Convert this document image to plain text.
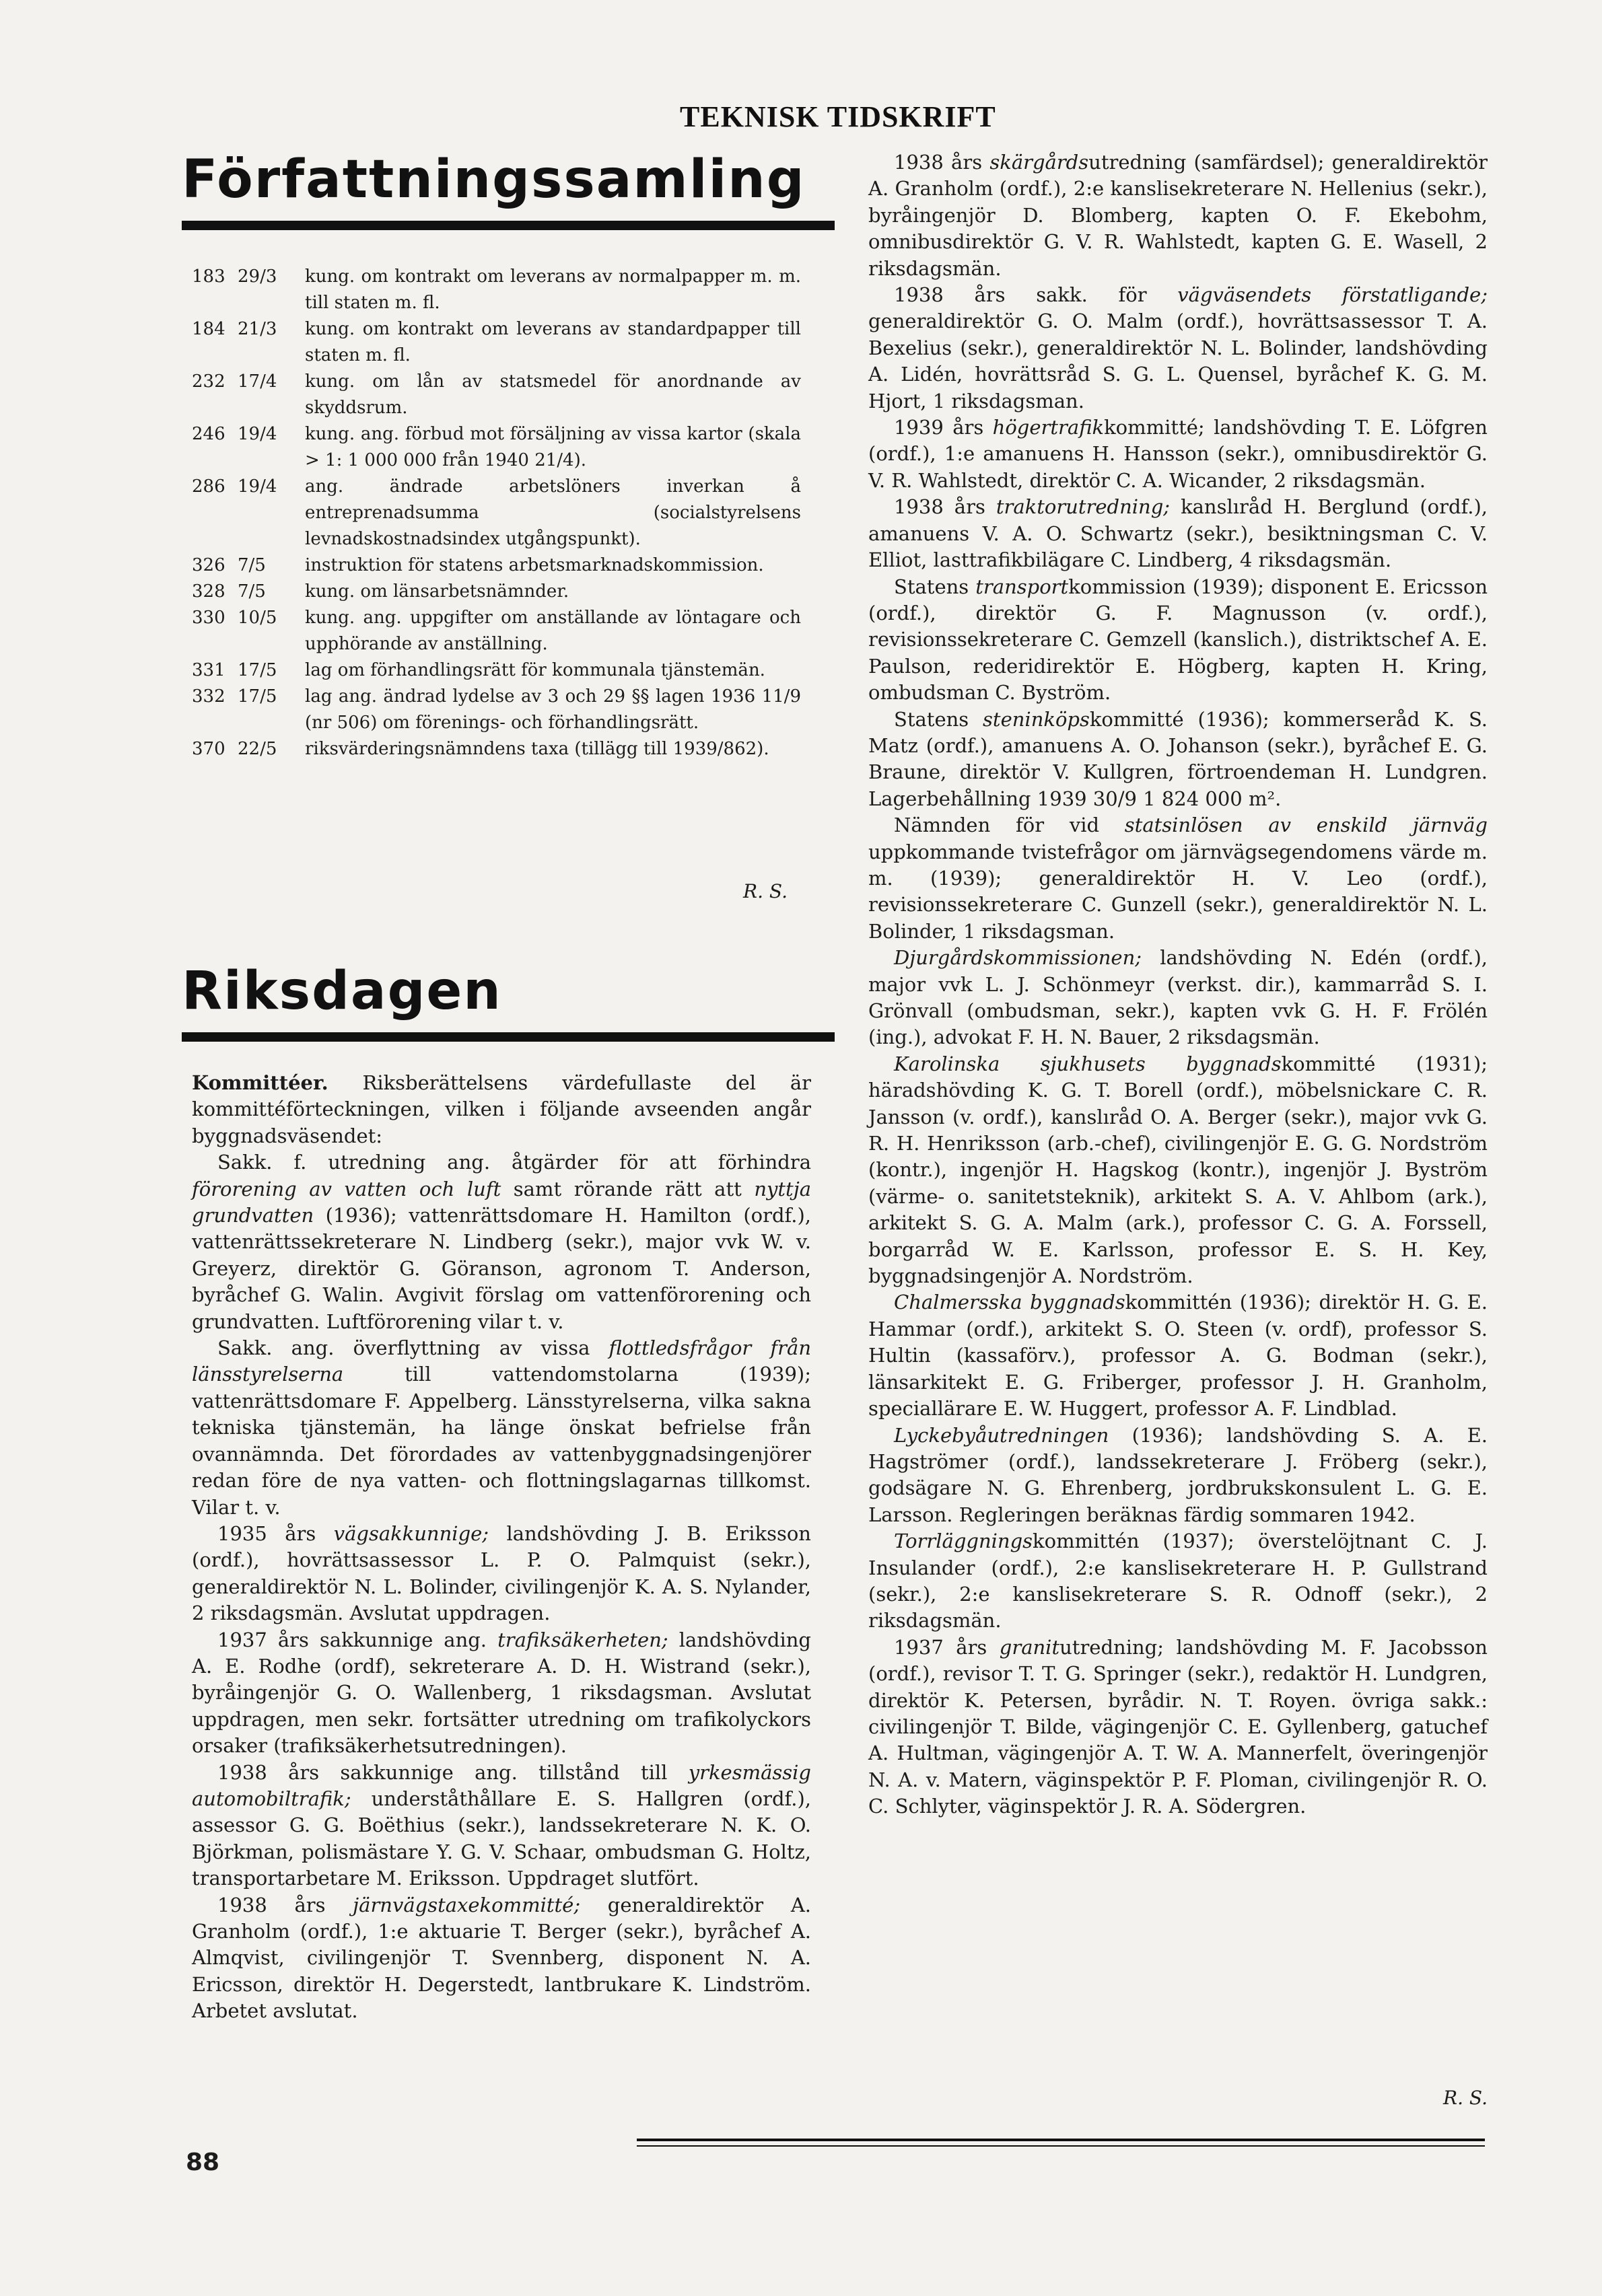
TEKNISK TIDSKRIFT
Författningssamling
183 29/3	kung. om kontrakt om leverans av normalpapper m. m. till staten m. fl.
184 21/3	kung. om kontrakt om leverans av standardpapper till staten m. fl.
232 17/4	kung. om lån av statsmedel för anordnande av skyddsrum.
246 19/4	kung. ang. förbud mot försäljning av vissa kartor (skala > 1: 1 000 000 från 1940 21/4).
286 19/4	ang. ändrade arbetslöners inverkan å entreprenadsumma (socialstyrelsens levnadskostnadsindex utgångspunkt).
326 7/5	instruktion för statens arbetsmarknadskommission.
328 7/5	kung. om länsarbetsnämnder.
330 10/5	kung. ang. uppgifter om anställande av löntagare och upphörande av anställning.
331 17/5	lag om förhandlingsrätt för kommunala tjänstemän.
332 17/5	lag ang. ändrad lydelse av 3 och 29 §§ lagen 1936 11/9 (nr 506) om förenings- och förhandlingsrätt.
370 22/5	riksvärderingsnämndens taxa (tillägg till 1939/862).
R. S.
Riksdagen

Kommittéer. Riksberättelsens värdefullaste del är kommittéförteckningen, vilken i följande avseenden angår byggnadsväsendet:

Sakk. f. utredning ang. åtgärder för att förhindra förorening av vatten och luft samt rörande rätt att nyttja grundvatten (1936); vattenrättsdomare H. Hamilton (ordf.), vattenrättssekreterare N. Lindberg (sekr.), major vvk W. v. Greyerz, direktör G. Göranson, agronom T. Anderson, byråchef G. Walin. Avgivit förslag om vattenförorening och grundvatten. Luftförorening vilar t. v.

Sakk. ang. överflyttning av vissa flottledsfrågor från länsstyrelserna till vattendomstolarna (1939); vattenrättsdomare F. Appelberg. Länsstyrelserna, vilka sakna tekniska tjänstemän, ha länge önskat befrielse från ovannämnda. Det förordades av vattenbyggnadsingenjörer redan före de nya vatten- och flottningslagarnas tillkomst. Vilar t. v.

1935 års vägsakkunnige; landshövding J. B. Eriksson (ordf.), hovrättsassessor L. P. O. Palmquist (sekr.), generaldirektör N. L. Bolinder, civilingenjör K. A. S. Nylander, 2 riksdagsmän. Avslutat uppdragen.

1937 års sakkunnige ang. trafiksäkerheten; landshövding A. E. Rodhe (ordf), sekreterare A. D. H. Wistrand (sekr.), byråingenjör G. O. Wallenberg, 1 riksdagsman. Avslutat uppdragen, men sekr. fortsätter utredning om trafikolyckors orsaker (trafiksäkerhetsutredningen).

1938 års sakkunnige ang. tillstånd till yrkesmässig automobiltrafik; underståthållare E. S. Hallgren (ordf.), assessor G. G. Boëthius (sekr.), landssekreterare N. K. O. Björkman, polismästare Y. G. V. Schaar, ombudsman G. Holtz, transportarbetare M. Eriksson. Uppdraget slutfört.

1938 års järnvägstaxekommitté; generaldirektör A. Granholm (ordf.), 1:e aktuarie T. Berger (sekr.), byråchef A. Almqvist, civilingenjör T. Svennberg, disponent N. A. Ericsson, direktör H. Degerstedt, lantbrukare K. Lindström. Arbetet avslutat.

1938 års skärgårdsutredning (samfärdsel); generaldirektör A. Granholm (ordf.), 2:e kanslisekreterare N. Hellenius (sekr.), byråingenjör D. Blomberg, kapten O. F. Ekebohm, omnibusdirektör G. V. R. Wahlstedt, kapten G. E. Wasell, 2 riksdagsmän.

1938 års sakk. för vägväsendets förstatligande; generaldirektör G. O. Malm (ordf.), hovrättsassessor T. A. Bexelius (sekr.), generaldirektör N. L. Bolinder, landshövding A. Lidén, hovrättsråd S. G. L. Quensel, byråchef K. G. M. Hjort, 1 riksdagsman.

1939 års högertrafikkommitté; landshövding T. E. Löfgren (ordf.), 1:e amanuens H. Hansson (sekr.), omnibusdirektör G. V. R. Wahlstedt, direktör C. A. Wicander, 2 riksdagsmän.

1938 års traktorutredning; kanslıråd H. Berglund (ordf.), amanuens V. A. O. Schwartz (sekr.), besiktningsman C. V. Elliot, lasttrafikbilägare C. Lindberg, 4 riksdagsmän.

Statens transportkommission (1939); disponent E. Ericsson (ordf.), direktör G. F. Magnusson (v. ordf.), revisionssekreterare C. Gemzell (kanslich.), distriktschef A. E. Paulson, rederidirektör E. Högberg, kapten H. Kring, ombudsman C. Byström.

Statens steninköpskommitté (1936); kommerseråd K. S. Matz (ordf.), amanuens A. O. Johanson (sekr.), byråchef E. G. Braune, direktör V. Kullgren, förtroendeman H. Lundgren. Lagerbehållning 1939 30/9 1 824 000 m².

Nämnden för vid statsinlösen av enskild järnväg uppkommande tvistefrågor om järnvägsegendomens värde m. m. (1939); generaldirektör H. V. Leo (ordf.), revisionssekreterare C. Gunzell (sekr.), generaldirektör N. L. Bolinder, 1 riksdagsman.

Djurgårdskommissionen; landshövding N. Edén (ordf.), major vvk L. J. Schönmeyr (verkst. dir.), kammarråd S. I. Grönvall (ombudsman, sekr.), kapten vvk G. H. F. Frölén (ing.), advokat F. H. N. Bauer, 2 riksdagsmän.

Karolinska sjukhusets byggnadskommitté (1931); häradshövding K. G. T. Borell (ordf.), möbelsnickare C. R. Jansson (v. ordf.), kanslıråd O. A. Berger (sekr.), major vvk G. R. H. Henriksson (arb.-chef), civilingenjör E. G. G. Nordström (kontr.), ingenjör H. Hagskog (kontr.), ingenjör J. Byström (värme- o. sanitetsteknik), arkitekt S. A. V. Ahlbom (ark.), arkitekt S. G. A. Malm (ark.), professor C. G. A. Forssell, borgarråd W. E. Karlsson, professor E. S. H. Key, byggnadsingenjör A. Nordström.

Chalmersska byggnadskommittén (1936); direktör H. G. E. Hammar (ordf.), arkitekt S. O. Steen (v. ordf), professor S. Hultin (kassaförv.), professor A. G. Bodman (sekr.), länsarkitekt E. G. Friberger, professor J. H. Granholm, speciallärare E. W. Huggert, professor A. F. Lindblad.

Lyckebyåutredningen (1936); landshövding S. A. E. Hagströmer (ordf.), landssekreterare J. Fröberg (sekr.), godsägare N. G. Ehrenberg, jordbrukskonsulent L. G. E. Larsson. Regleringen beräknas färdig sommaren 1942.

Torrläggningskommittén (1937); överstelöjtnant C. J. Insulander (ordf.), 2:e kanslisekreterare H. P. Gullstrand (sekr.), 2:e kanslisekreterare S. R. Odnoff (sekr.), 2 riksdagsmän.

1937 års granitutredning; landshövding M. F. Jacobsson (ordf.), revisor T. T. G. Springer (sekr.), redaktör H. Lundgren, direktör K. Petersen, byrådir. N. T. Royen. övriga sakk.: civilingenjör T. Bilde, vägingenjör C. E. Gyllenberg, gatuchef A. Hultman, vägingenjör A. T. W. A. Mannerfelt, överingenjör N. A. v. Matern, väginspektör P. F. Ploman, civilingenjör R. O. C. Schlyter, väginspektör J. R. A. Södergren.

R. S.
88
